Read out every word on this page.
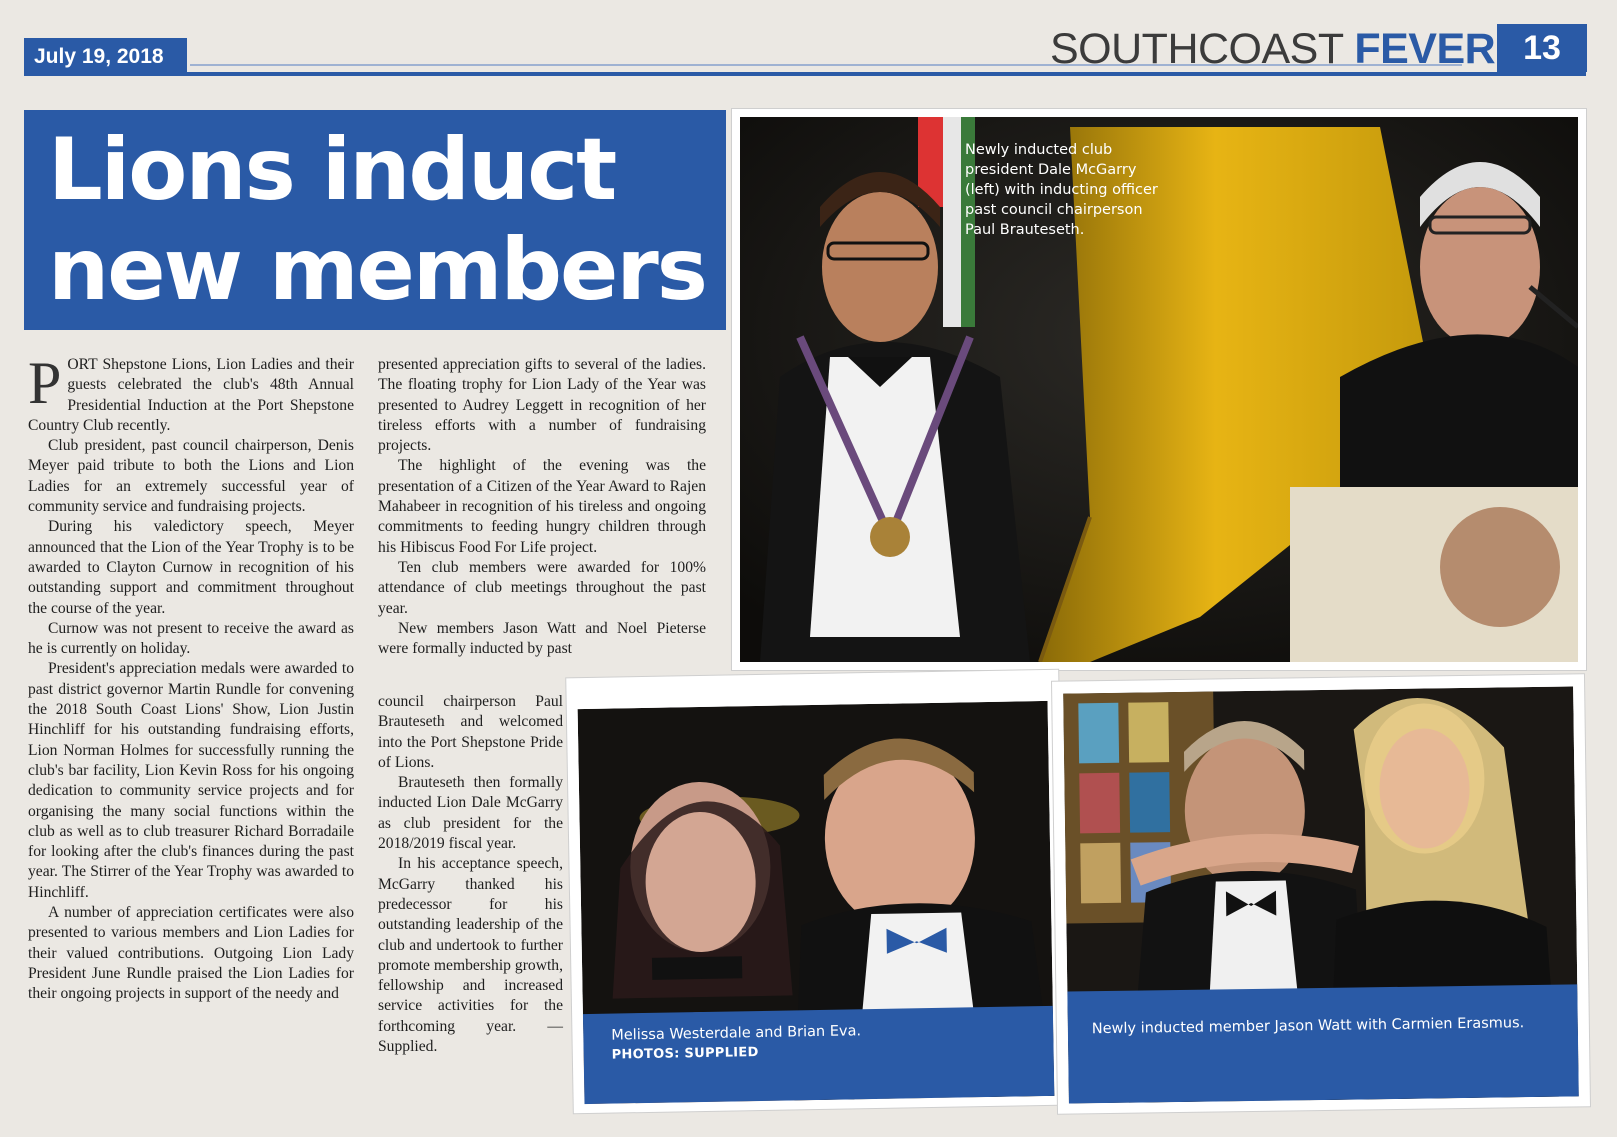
July 19, 2018	SOUTHCOAST FEVER 13
Lions induct
new members

PORT Shepstone Lions, Lion Ladies and their guests celebrated the club's 48th Annual Presidential Induction at the Port Shepstone Country Club recently.

Club president, past council chairperson, Denis Meyer paid tribute to both the Lions and Lion Ladies for an extremely successful year of community service and fundraising projects.

During his valedictory speech, Meyer announced that the Lion of the Year Trophy is to be awarded to Clayton Curnow in recognition of his outstanding support and commitment throughout the course of the year.

Curnow was not present to receive the award as he is currently on holiday.

President's appreciation medals were awarded to past district governor Martin Rundle for convening the 2018 South Coast Lions' Show, Lion Justin Hinchliff for his outstanding fundraising efforts, Lion Norman Holmes for successfully running the club's bar facility, Lion Kevin Ross for his ongoing dedication to community service projects and for organising the many social functions within the club as well as to club treasurer Richard Borradaile for looking after the club's finances during the past year. The Stirrer of the Year Trophy was awarded to Hinchliff.

A number of appreciation certificates were also presented to various members and Lion Ladies for their valued contributions. Outgoing Lion Lady President June Rundle praised the Lion Ladies for their ongoing projects in support of the needy and

presented appreciation gifts to several of the ladies. The floating trophy for Lion Lady of the Year was presented to Audrey Leggett in recognition of her tireless efforts with a number of fundraising projects.

The highlight of the evening was the presentation of a Citizen of the Year Award to Rajen Mahabeer in recognition of his tireless and ongoing commitments to feeding hungry children through his Hibiscus Food For Life project.

Ten club members were awarded for 100% attendance of club meetings throughout the past year.

New members Jason Watt and Noel Pieterse were formally inducted by past

council chairperson Paul Brauteseth and welcomed into the Port Shepstone Pride of Lions.

Brauteseth then formally inducted Lion Dale McGarry as club president for the 2018/2019 fiscal year.

In his acceptance speech, McGarry thanked his predecessor for his outstanding leadership of the club and undertook to further promote membership growth, fellowship and increased service activities for the forthcoming year. — Supplied.

Newly inducted club president Dale McGarry (left) with inducting officer past council chairperson Paul Brauteseth.
Melissa Westerdale and Brian Eva.
PHOTOS: SUPPLIED
Newly inducted member Jason Watt with Carmien Erasmus.
